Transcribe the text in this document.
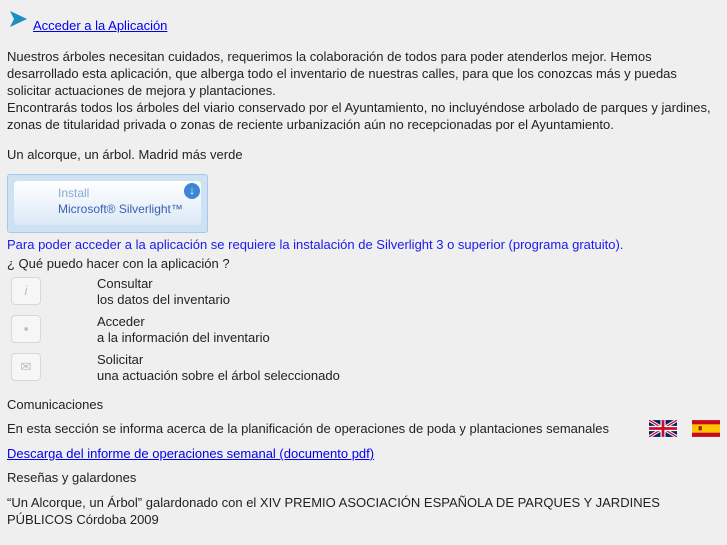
Acceder a la Aplicación

Nuestros árboles necesitan cuidados, requerimos la colaboración de todos para poder atenderlos mejor. Hemos desarrollado esta aplicación, que alberga todo el inventario de nuestras calles, para que los conozcas más y puedas solicitar actuaciones de mejora y plantaciones.

Encontrarás todos los árboles del viario conservado por el Ayuntamiento, no incluyéndose arbolado de parques y jardines, zonas de titularidad privada o zonas de reciente urbanización aún no recepcionadas por el Ayuntamiento.

Un alcorque, un árbol. Madrid más verde
Install
Microsoft® Silverlight™
↓
Para poder acceder a la aplicación se requiere la instalación de Silverlight 3 o superior (programa gratuito).
¿ Qué puedo hacer con la aplicación ?
i
▪
✉
Consultar
los datos del inventario
Acceder
a la información del inventario
Solicitar
una actuación sobre el árbol seleccionado
Comunicaciones
En esta sección se informa acerca de la planificación de operaciones de poda y plantaciones semanales
Descarga del informe de operaciones semanal (documento pdf)
Reseñas y galardones
“Un Alcorque, un Árbol” galardonado con el XIV PREMIO ASOCIACIÓN ESPAÑOLA DE PARQUES Y JARDINES PÚBLICOS Córdoba 2009
